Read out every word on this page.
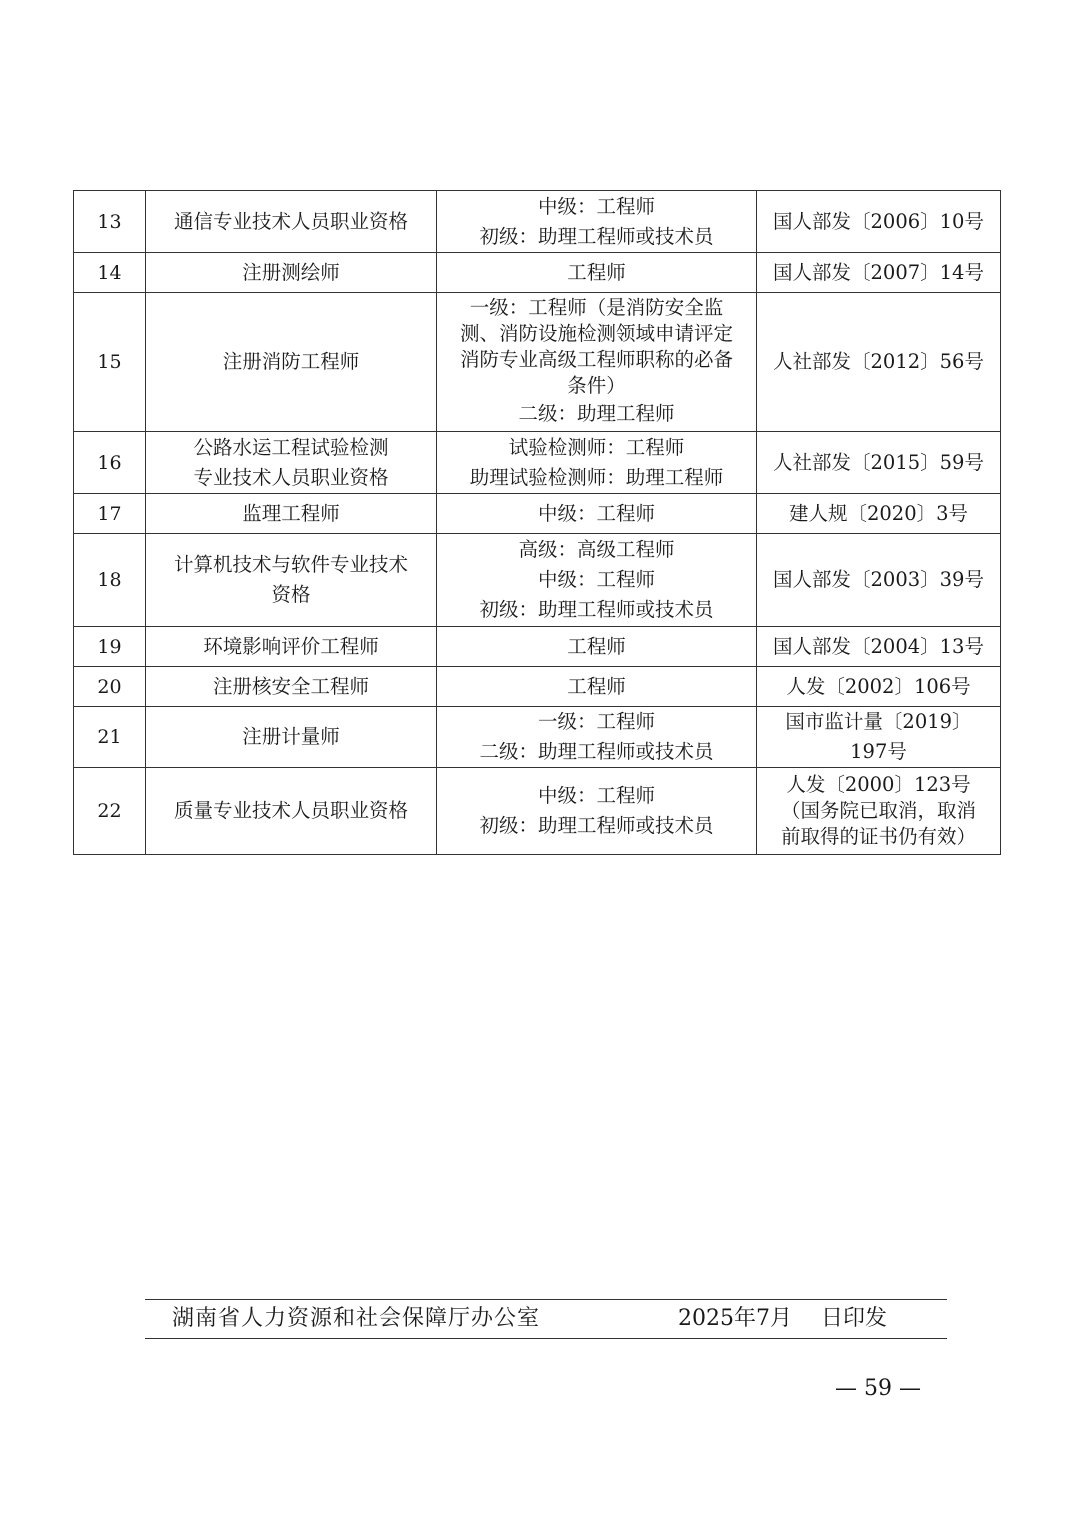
13	通信专业技术人员职业资格	中级：工程师
初级：助理工程师或技术员	国人部发〔2006〕10号

14	注册测绘师	工程师	国人部发〔2007〕14号

15	注册消防工程师	一级：工程师（是消防安全监
测、消防设施检测领域申请评定
消防专业高级工程师职称的必备
条件）
二级：助理工程师	人社部发〔2012〕56号

16	公路水运工程试验检测
专业技术人员职业资格	试验检测师：工程师
助理试验检测师：助理工程师	人社部发〔2015〕59号

17	监理工程师	中级：工程师	建人规〔2020〕3号

18	计算机技术与软件专业技术
资格	高级：高级工程师
中级：工程师
初级：助理工程师或技术员	国人部发〔2003〕39号

19	环境影响评价工程师	工程师	国人部发〔2004〕13号

20	注册核安全工程师	工程师	人发〔2002〕106号

21	注册计量师	一级：工程师
二级：助理工程师或技术员	国市监计量〔2019〕
197号

22	质量专业技术人员职业资格	中级：工程师
初级：助理工程师或技术员	人发〔2000〕123号
（国务院已取消，取消
前取得的证书仍有效）
湖南省人力资源和社会保障厅办公室	2025年7月　 日印发
— 59 —
